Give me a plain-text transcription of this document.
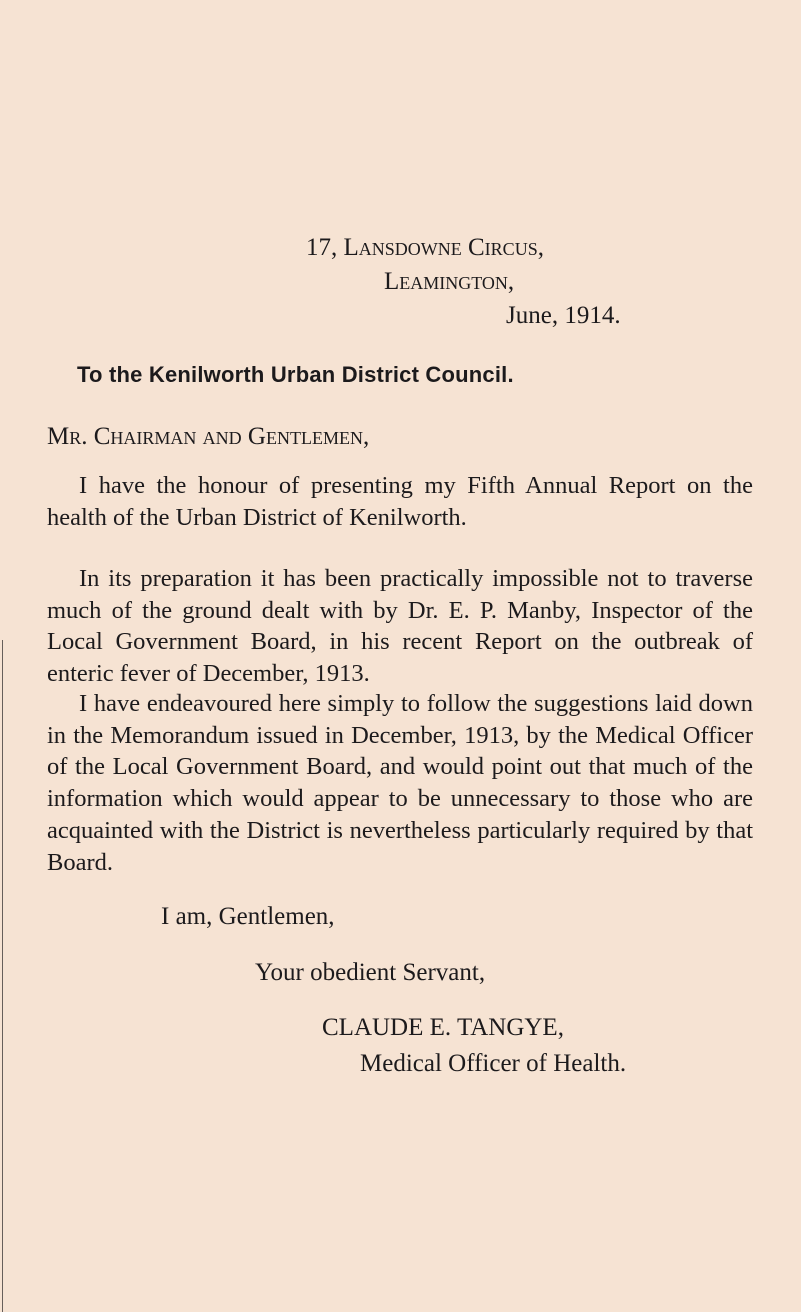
17, Lansdowne Circus,
Leamington,
June, 1914.
To the Kenilworth Urban District Council.
Mr. Chairman and Gentlemen,

I have the honour of presenting my Fifth Annual Report on the health of the Urban District of Kenilworth.

In its preparation it has been practically impossible not to traverse much of the ground dealt with by Dr. E. P. Manby, Inspector of the Local Government Board, in his recent Report on the outbreak of enteric fever of December, 1913.

I have endeavoured here simply to follow the suggestions laid down in the Memorandum issued in December, 1913, by the Medical Officer of the Local Government Board, and would point out that much of the information which would appear to be unnecessary to those who are acquainted with the District is nevertheless particularly required by that Board.

I am, Gentlemen,
Your obedient Servant,
CLAUDE E. TANGYE,
Medical Officer of Health.
